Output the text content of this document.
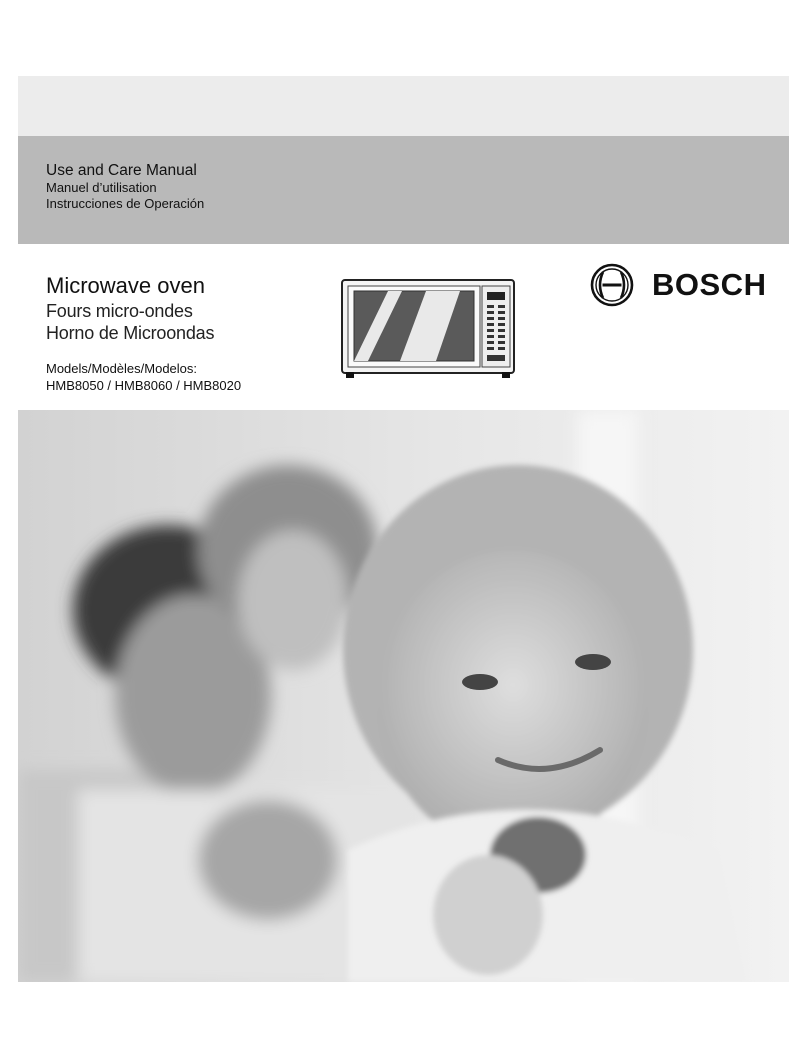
Use and Care Manual
Manuel d’utilisation
Instrucciones de Operación
Microwave oven
Fours micro-ondes
Horno de Microondas
Models/Modèles/Modelos:
HMB8050 / HMB8060 / HMB8020
BOSCH
